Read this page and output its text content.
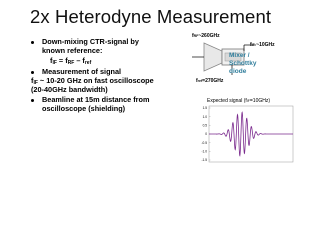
2x Heterodyne Measurement
Down-mixing CTR-signal by
known reference:
$f_{IF} = f_{RF} - f_{ref}$
Measurement of signal
$f_{IF}$ ~ 10-20 GHz on fast oscilloscope
(20-40GHz bandwidth)
Beamline at 15m distance from
oscilloscope (shielding)
fRF~260GHz
fIF ~10GHz
fref=270GHz
Mixer /
Schottky
diode
Expected signal (fIF=10GHz)
1.5
1.0
0.5
0
-0.5
-1.0
-1.5
